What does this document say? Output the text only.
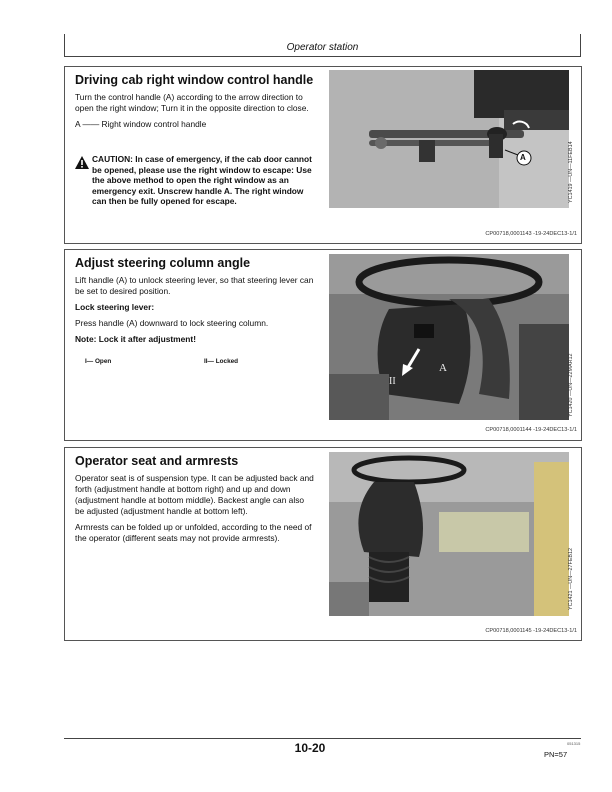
Operator station
Driving cab right window control handle

Turn the control handle (A) according to the arrow direction to open the right window; Turn it in the opposite direction to close.

A —— Right window control handle

CAUTION: In case of emergency, if the cab door cannot be opened, please use the right window to escape: Use the above method to open the right window as an emergency exit. Unscrew handle A. The right window can then be fully opened for escape.
A	YC1419 —UN—11FEB14
CP00718,0001143 -19-24DEC13-1/1
Adjust steering column angle

Lift handle (A) to unlock steering lever, so that steering lever can be set to desired position.

Lock steering lever:

Press handle (A) downward to lock steering column.

Note: Lock it after adjustment!

I— Open	II— Locked
II
A	YC1420 —UN—22MAR12
CP00718,0001144 -19-24DEC13-1/1
Operator seat and armrests

Operator seat is of suspension type. It can be adjusted back and forth (adjustment handle at bottom right) and up and down (adjustment handle at bottom middle). Backest angle can also be adjusted (adjustment handle at bottom left).

Armrests can be folded up or unfolded, according to the need of the operator (different seats may not provide armrests).

YC1421 —UN—27FEB12
CP00718,0001145 -19-24DEC13-1/1
10-20	051315
PN=57
